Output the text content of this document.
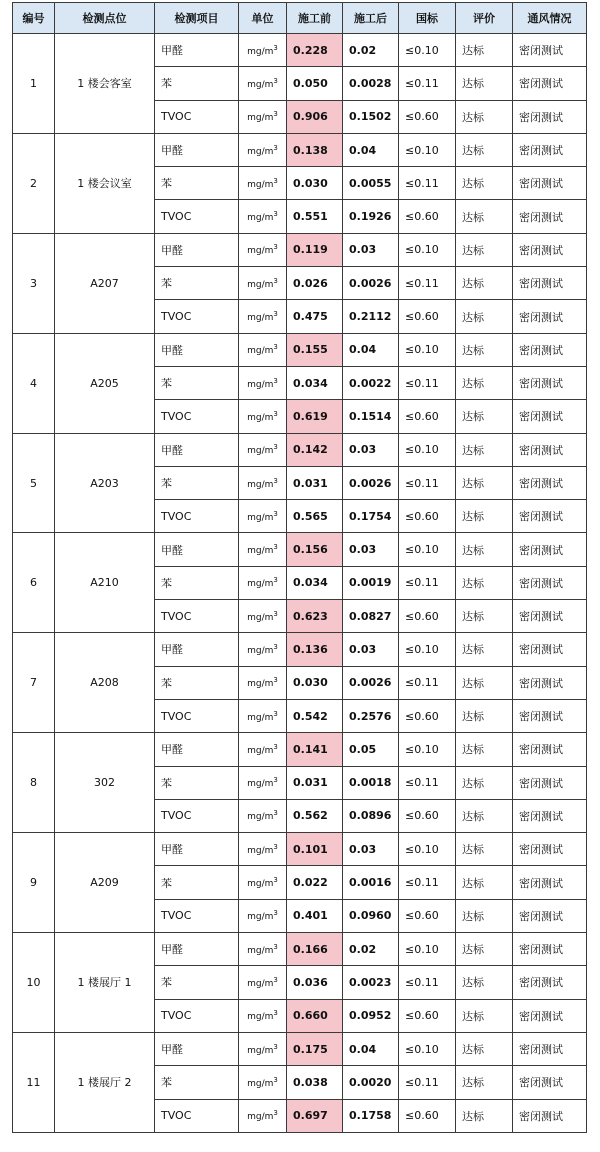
编号	检测点位	检测项目	单位	施工前	施工后	国标	评价	通风情况
1	1 楼会客室	甲醛	$mg/m^3$	0.228	0.02	≤0.10	达标	密闭测试
		苯	$mg/m^3$	0.050	0.0028	≤0.11	达标	密闭测试
		TVOC	$mg/m^3$	0.906	0.1502	≤0.60	达标	密闭测试
2	1 楼会议室	甲醛	$mg/m^3$	0.138	0.04	≤0.10	达标	密闭测试
		苯	$mg/m^3$	0.030	0.0055	≤0.11	达标	密闭测试
		TVOC	$mg/m^3$	0.551	0.1926	≤0.60	达标	密闭测试
3	A207	甲醛	$mg/m^3$	0.119	0.03	≤0.10	达标	密闭测试
		苯	$mg/m^3$	0.026	0.0026	≤0.11	达标	密闭测试
		TVOC	$mg/m^3$	0.475	0.2112	≤0.60	达标	密闭测试
4	A205	甲醛	$mg/m^3$	0.155	0.04	≤0.10	达标	密闭测试
		苯	$mg/m^3$	0.034	0.0022	≤0.11	达标	密闭测试
		TVOC	$mg/m^3$	0.619	0.1514	≤0.60	达标	密闭测试
5	A203	甲醛	$mg/m^3$	0.142	0.03	≤0.10	达标	密闭测试
		苯	$mg/m^3$	0.031	0.0026	≤0.11	达标	密闭测试
		TVOC	$mg/m^3$	0.565	0.1754	≤0.60	达标	密闭测试
6	A210	甲醛	$mg/m^3$	0.156	0.03	≤0.10	达标	密闭测试
		苯	$mg/m^3$	0.034	0.0019	≤0.11	达标	密闭测试
		TVOC	$mg/m^3$	0.623	0.0827	≤0.60	达标	密闭测试
7	A208	甲醛	$mg/m^3$	0.136	0.03	≤0.10	达标	密闭测试
		苯	$mg/m^3$	0.030	0.0026	≤0.11	达标	密闭测试
		TVOC	$mg/m^3$	0.542	0.2576	≤0.60	达标	密闭测试
8	302	甲醛	$mg/m^3$	0.141	0.05	≤0.10	达标	密闭测试
		苯	$mg/m^3$	0.031	0.0018	≤0.11	达标	密闭测试
		TVOC	$mg/m^3$	0.562	0.0896	≤0.60	达标	密闭测试
9	A209	甲醛	$mg/m^3$	0.101	0.03	≤0.10	达标	密闭测试
		苯	$mg/m^3$	0.022	0.0016	≤0.11	达标	密闭测试
		TVOC	$mg/m^3$	0.401	0.0960	≤0.60	达标	密闭测试
10	1 楼展厅 1	甲醛	$mg/m^3$	0.166	0.02	≤0.10	达标	密闭测试
		苯	$mg/m^3$	0.036	0.0023	≤0.11	达标	密闭测试
		TVOC	$mg/m^3$	0.660	0.0952	≤0.60	达标	密闭测试
11	1 楼展厅 2	甲醛	$mg/m^3$	0.175	0.04	≤0.10	达标	密闭测试
		苯	$mg/m^3$	0.038	0.0020	≤0.11	达标	密闭测试
		TVOC	$mg/m^3$	0.697	0.1758	≤0.60	达标	密闭测试
